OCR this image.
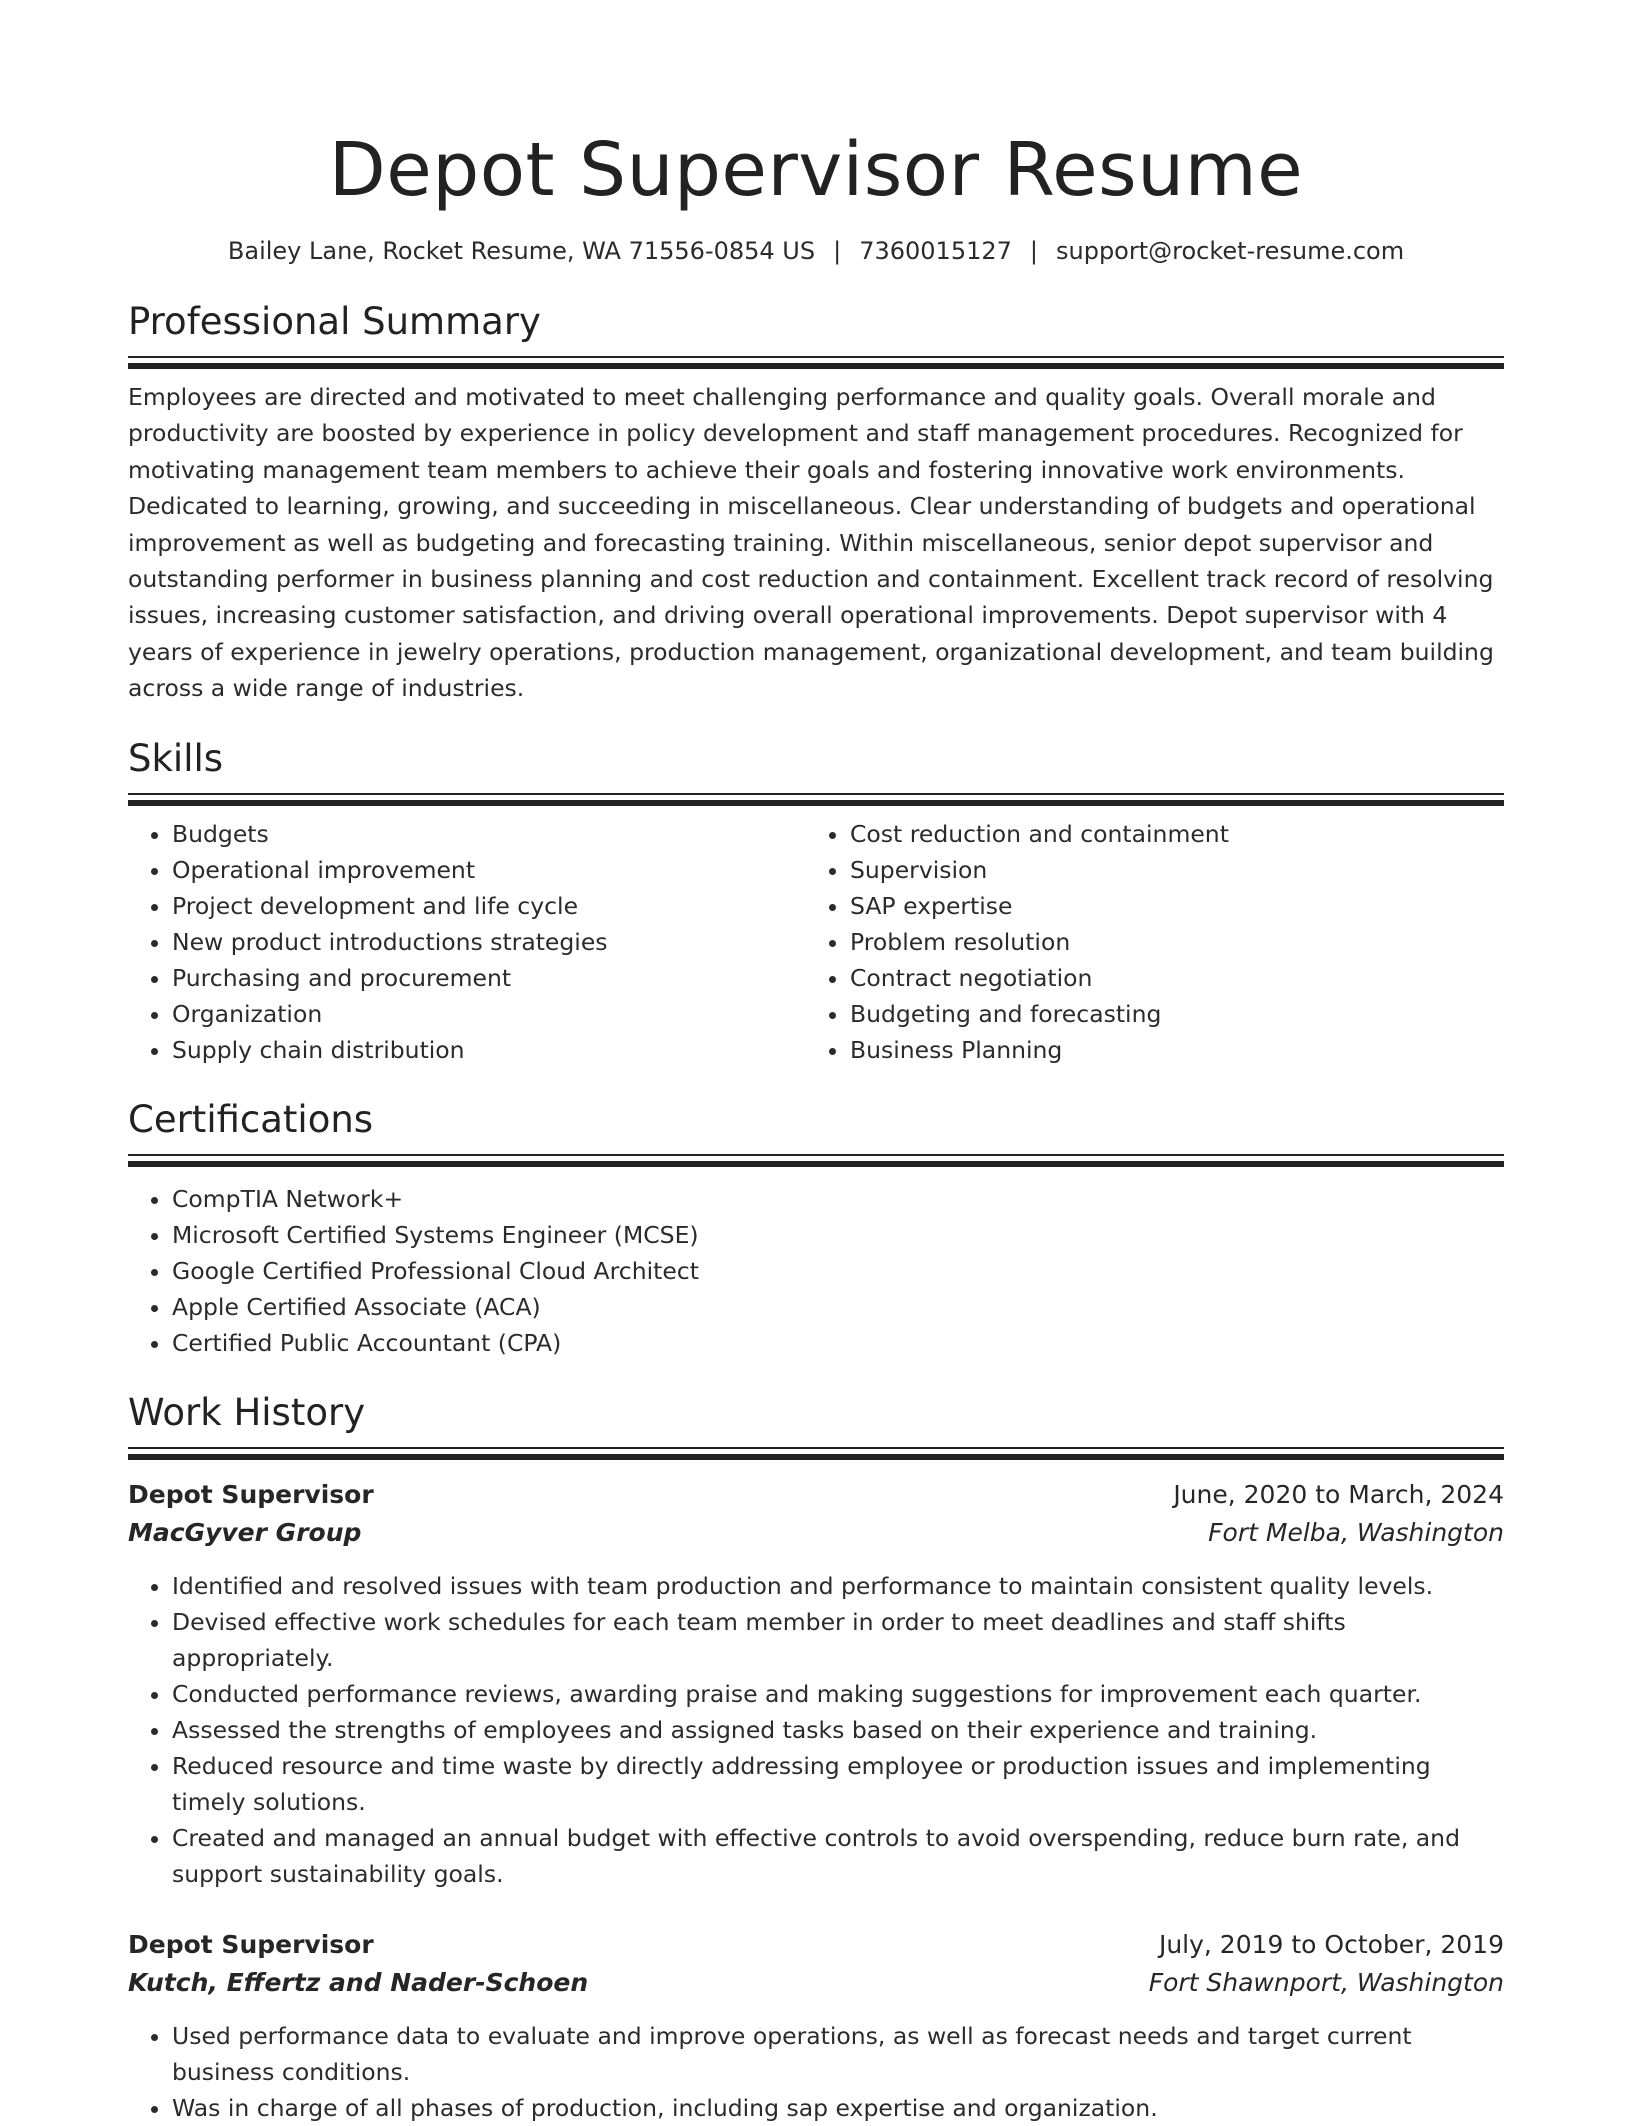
Depot Supervisor Resume
Bailey Lane, Rocket Resume, WA 71556-0854 US | 7360015127 | support@rocket-resume.com
Professional Summary
Employees are directed and motivated to meet challenging performance and quality goals. Overall morale and productivity are boosted by experience in policy development and staff management procedures. Recognized for motivating management team members to achieve their goals and fostering innovative work environments. Dedicated to learning, growing, and succeeding in miscellaneous. Clear understanding of budgets and operational improvement as well as budgeting and forecasting training. Within miscellaneous, senior depot supervisor and outstanding performer in business planning and cost reduction and containment. Excellent track record of resolving issues, increasing customer satisfaction, and driving overall operational improvements. Depot supervisor with 4 years of experience in jewelry operations, production management, organizational development, and team building across a wide range of industries.
Skills
• Budgets
• Operational improvement
• Project development and life cycle
• New product introductions strategies
• Purchasing and procurement
• Organization
• Supply chain distribution
• Cost reduction and containment
• Supervision
• SAP expertise
• Problem resolution
• Contract negotiation
• Budgeting and forecasting
• Business Planning
Certifications
• CompTIA Network+
• Microsoft Certified Systems Engineer (MCSE)
• Google Certified Professional Cloud Architect
• Apple Certified Associate (ACA)
• Certified Public Accountant (CPA)
Work History
Depot Supervisor	June, 2020 to March, 2024
MacGyver Group	Fort Melba, Washington
• Identified and resolved issues with team production and performance to maintain consistent quality levels.
• Devised effective work schedules for each team member in order to meet deadlines and staff shifts appropriately.
• Conducted performance reviews, awarding praise and making suggestions for improvement each quarter.
• Assessed the strengths of employees and assigned tasks based on their experience and training.
• Reduced resource and time waste by directly addressing employee or production issues and implementing timely solutions.
• Created and managed an annual budget with effective controls to avoid overspending, reduce burn rate, and support sustainability goals.
Depot Supervisor	July, 2019 to October, 2019
Kutch, Effertz and Nader-Schoen	Fort Shawnport, Washington
• Used performance data to evaluate and improve operations, as well as forecast needs and target current business conditions.
• Was in charge of all phases of production, including sap expertise and organization.
